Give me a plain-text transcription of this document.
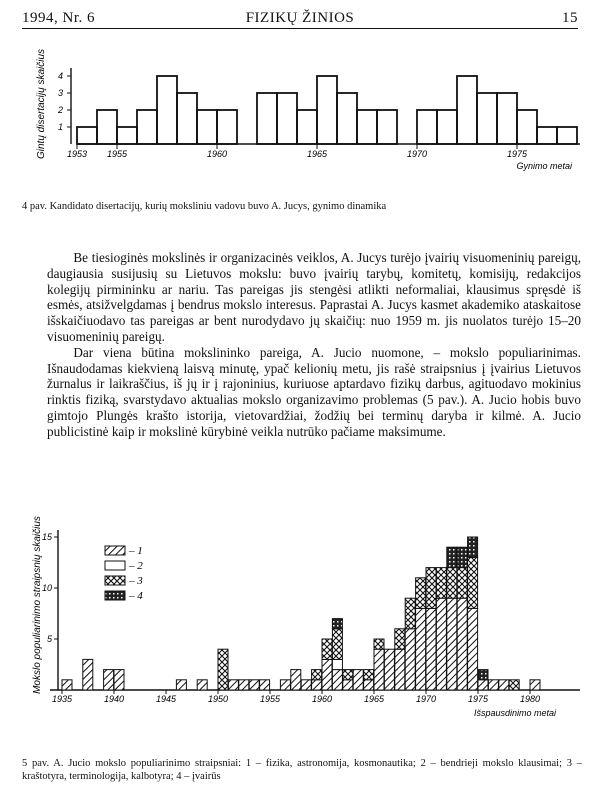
1994, Nr. 6	FIZIKŲ ŽINIOS	15
1
2
3
4
1953 1955	1960	1965	1970	1975
Gynimo metai
Gintų disertacijų skaičius
4 pav. Kandidato disertacijų, kurių moksliniu vadovu buvo A. Jucys, gynimo dinamika

Be tiesioginės mokslinės ir organizacinės veiklos, A. Jucys turėjo įvairių visuomeninių pareigų, daugiausia susijusių su Lietuvos mokslu: buvo įvairių tarybų, komitetų, komisijų, redakcijos kolegijų pirmininku ar nariu. Tas pareigas jis stengėsi atlikti neformaliai, klausimus spręsdė iš esmės, atsižvelgdamas į bendrus mokslo interesus. Paprastai A. Jucys kasmet akademiko ataskaitose išskaičiuodavo tas pareigas ar bent nurodydavo jų skaičių: nuo 1959 m. jis nuolatos turėjo 15–20 visuomeninių pareigų.

Dar viena būtina mokslininko pareiga, A. Jucio nuomone, – mokslo populiarinimas. Išnaudodamas kiekvieną laisvą minutę, ypač kelionių metu, jis rašė straipsnius į įvairius Lietuvos žurnalus ir laikraščius, iš jų ir į rajoninius, kuriuose aptardavo fizikų darbus, agituodavo mokinius rinktis fiziką, svarstydavo aktualias mokslo organizavimo problemas (5 pav.). A. Jucio hobis buvo gimtojo Plungės krašto istorija, vietovardžiai, žodžių bei terminų daryba ir kilmė. A. Jucio publicistinė kaip ir mokslinė kūrybinė veikla nutrūko pačiame maksimume.

5
10
15
1935	1940	1945	1950	1955	1960	1965	1970	1975	1980
Išspausdinimo metai
Mokslo populiarinimo straipsnių skaičius	– 1
– 2
– 3
– 4
5 pav. A. Jucio mokslo populiarinimo straipsniai: 1 – fizika, astronomija, kosmonautika; 2 – bendrieji mokslo klausimai; 3 – kraštotyra, terminologija, kalbotyra; 4 – įvairūs
